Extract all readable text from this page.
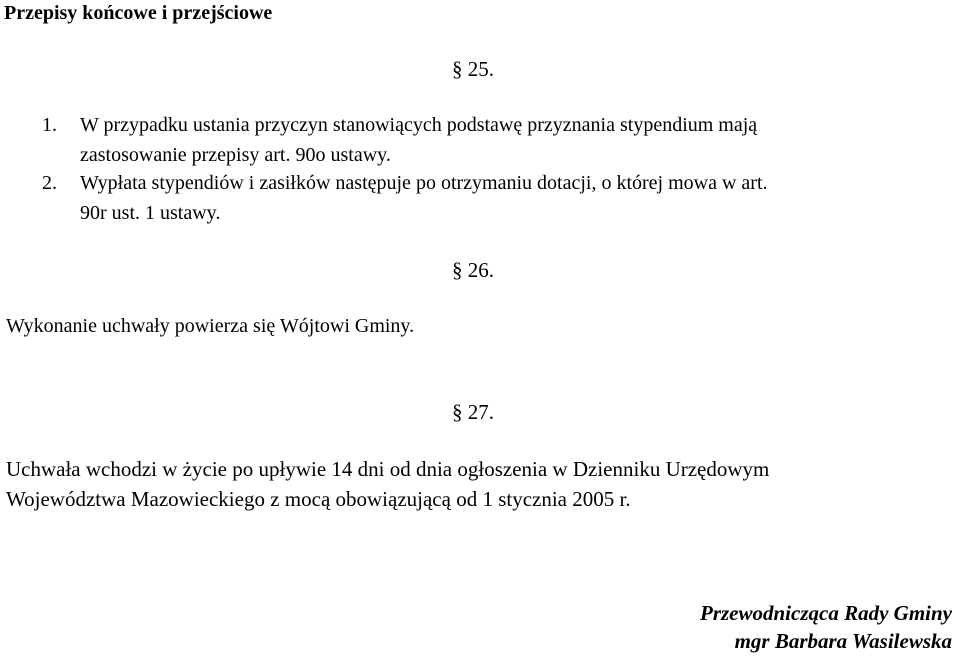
Przepisy końcowe i przejściowe
§ 25.
1. W przypadku ustania przyczyn stanowiących podstawę przyznania stypendium mają
zastosowanie przepisy art. 90o ustawy.
2. Wypłata stypendiów i zasiłków następuje po otrzymaniu dotacji, o której mowa w art.
90r ust. 1 ustawy.
§ 26.
Wykonanie uchwały powierza się Wójtowi Gminy.
§ 27.
Uchwała wchodzi w życie po upływie 14 dni od dnia ogłoszenia w Dzienniku Urzędowym
Województwa Mazowieckiego z mocą obowiązującą od 1 stycznia 2005 r.
Przewodnicząca Rady Gminy
mgr Barbara Wasilewska
